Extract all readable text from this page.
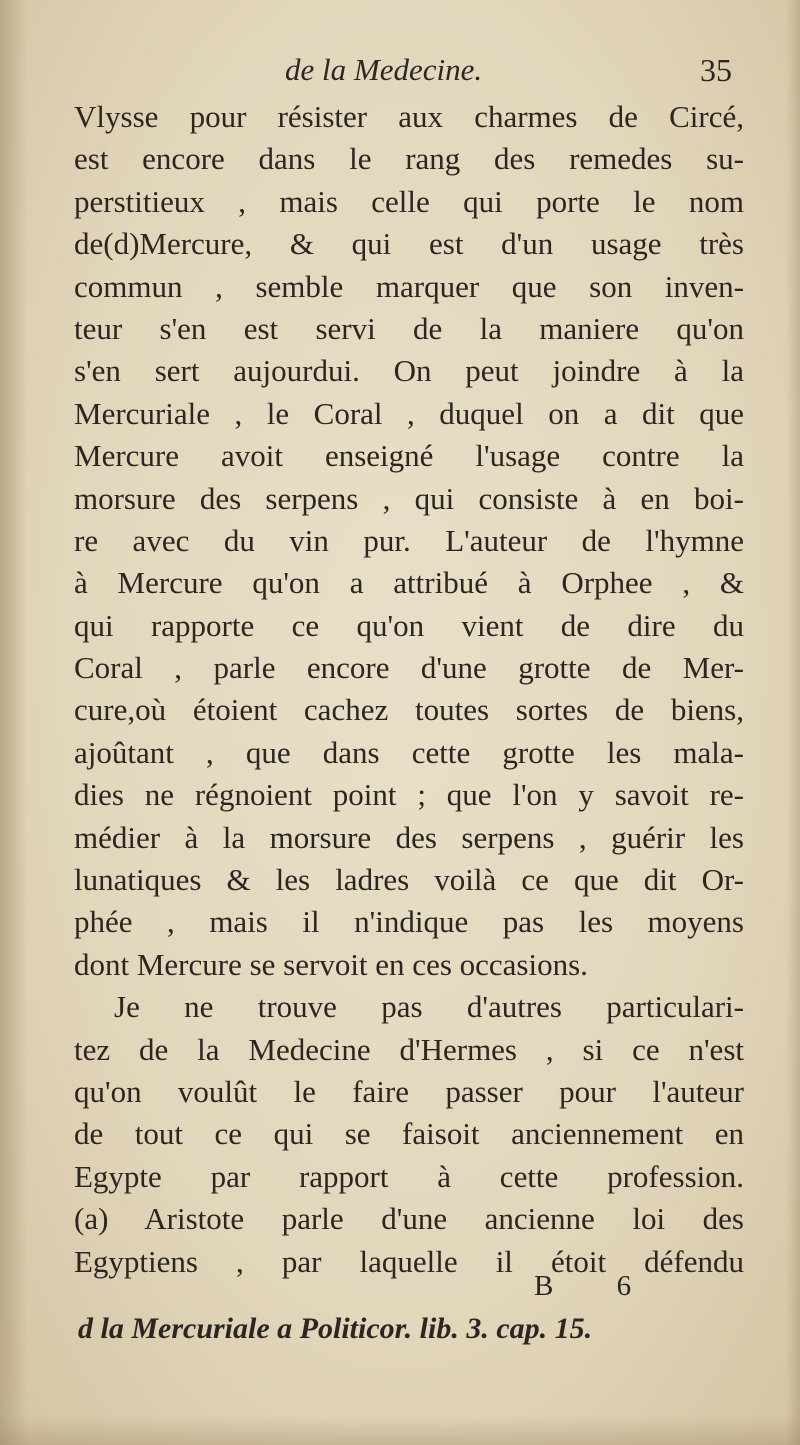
de la Medecine.	35
Vlysse pour résister aux charmes de Circé,
est encore dans le rang des remedes su-
perstitieux , mais celle qui porte le nom
de(d)Mercure, & qui est d'un usage très
commun , semble marquer que son inven-
teur s'en est servi de la maniere qu'on
s'en sert aujourdui. On peut joindre à la
Mercuriale , le Coral , duquel on a dit que
Mercure avoit enseigné l'usage contre la
morsure des serpens , qui consiste à en boi-
re avec du vin pur. L'auteur de l'hymne
à Mercure qu'on a attribué à Orphee , &
qui rapporte ce qu'on vient de dire du
Coral , parle encore d'une grotte de Mer-
cure,où étoient cachez toutes sortes de biens,
ajoûtant , que dans cette grotte les mala-
dies ne régnoient point ; que l'on y savoit re-
médier à la morsure des serpens , guérir les
lunatiques & les ladres voilà ce que dit Or-
phée , mais il n'indique pas les moyens
dont Mercure se servoit en ces occasions.
Je ne trouve pas d'autres particulari-
tez de la Medecine d'Hermes , si ce n'est
qu'on voulût le faire passer pour l'auteur
de tout ce qui se faisoit anciennement en
Egypte par rapport à cette profession.
(a) Aristote parle d'une ancienne loi des
Egyptiens , par laquelle il étoit défendu
B 6
d la Mercuriale a Politicor. lib. 3. cap. 15.
